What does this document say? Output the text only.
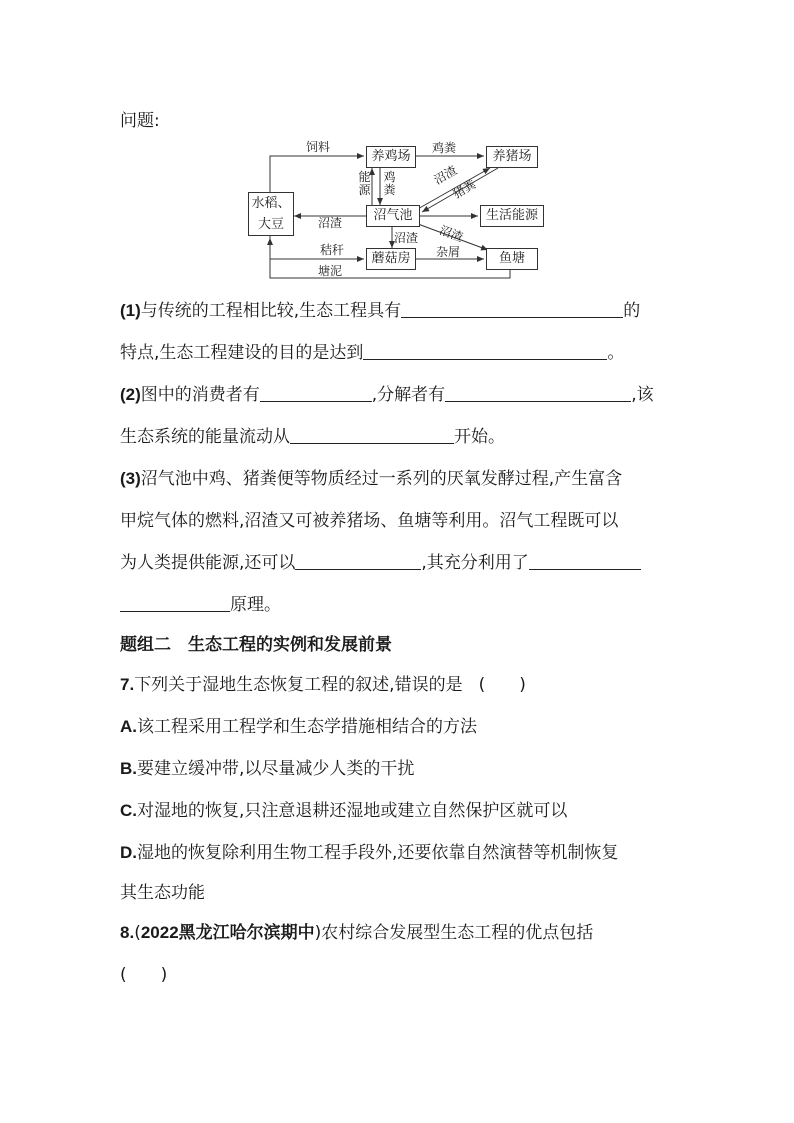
问题:
水稻、大豆
养鸡场	养猪场
沼气池	生活能源
蘑菇房	鱼塘
饲料	鸡粪
能源
鸡粪
沼渣
猪粪
沼渣
沼渣
沼渣
秸秆	杂屑
塘泥
(1)与传统的工程相比较,生态工程具有	的
特点,生态工程建设的目的是达到	。
(2)图中的消费者有	,分解者有	,该
生态系统的能量流动从	开始。
(3)沼气池中鸡、猪粪便等物质经过一系列的厌氧发酵过程,产生富含
甲烷气体的燃料,沼渣又可被养猪场、鱼塘等利用。沼气工程既可以
为人类提供能源,还可以	,其充分利用了
原理。
题组二　生态工程的实例和发展前景
7.下列关于湿地生态恢复工程的叙述,错误的是 (　　)
A.该工程采用工程学和生态学措施相结合的方法
B.要建立缓冲带,以尽量减少人类的干扰
C.对湿地的恢复,只注意退耕还湿地或建立自然保护区就可以
D.湿地的恢复除利用生物工程手段外,还要依靠自然演替等机制恢复
其生态功能
8.(2022黑龙江哈尔滨期中)农村综合发展型生态工程的优点包括
(　　)
